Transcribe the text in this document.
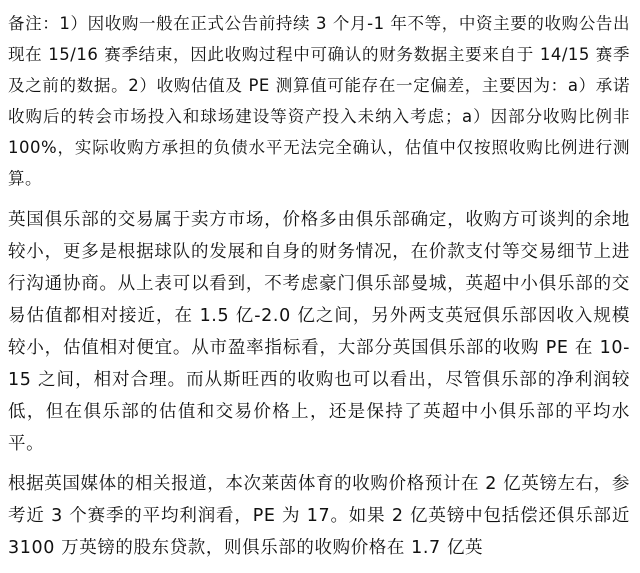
备注：1）因收购一般在正式公告前持续 3 个月-1 年不等，中资主要的收购公告出现在 15/16 赛季结束，因此收购过程中可确认的财务数据主要来自于 14/15 赛季及之前的数据。2）收购估值及 PE 测算值可能存在一定偏差，主要因为：a）承诺收购后的转会市场投入和球场建设等资产投入未纳入考虑；a）因部分收购比例非 100%，实际收购方承担的负债水平无法完全确认，估值中仅按照收购比例进行测算。

英国俱乐部的交易属于卖方市场，价格多由俱乐部确定，收购方可谈判的余地较小，更多是根据球队的发展和自身的财务情况，在价款支付等交易细节上进行沟通协商。从上表可以看到，不考虑豪门俱乐部曼城，英超中小俱乐部的交易估值都相对接近，在 1.5 亿-2.0 亿之间，另外两支英冠俱乐部因收入规模较小，估值相对便宜。从市盈率指标看，大部分英国俱乐部的收购 PE 在 10-15 之间，相对合理。而从斯旺西的收购也可以看出，尽管俱乐部的净利润较低，但在俱乐部的估值和交易价格上，还是保持了英超中小俱乐部的平均水平。

根据英国媒体的相关报道，本次莱茵体育的收购价格预计在 2 亿英镑左右，参考近 3 个赛季的平均利润看，PE 为 17。如果 2 亿英镑中包括偿还俱乐部近 3100 万英镑的股东贷款，则俱乐部的收购价格在 1.7 亿英
